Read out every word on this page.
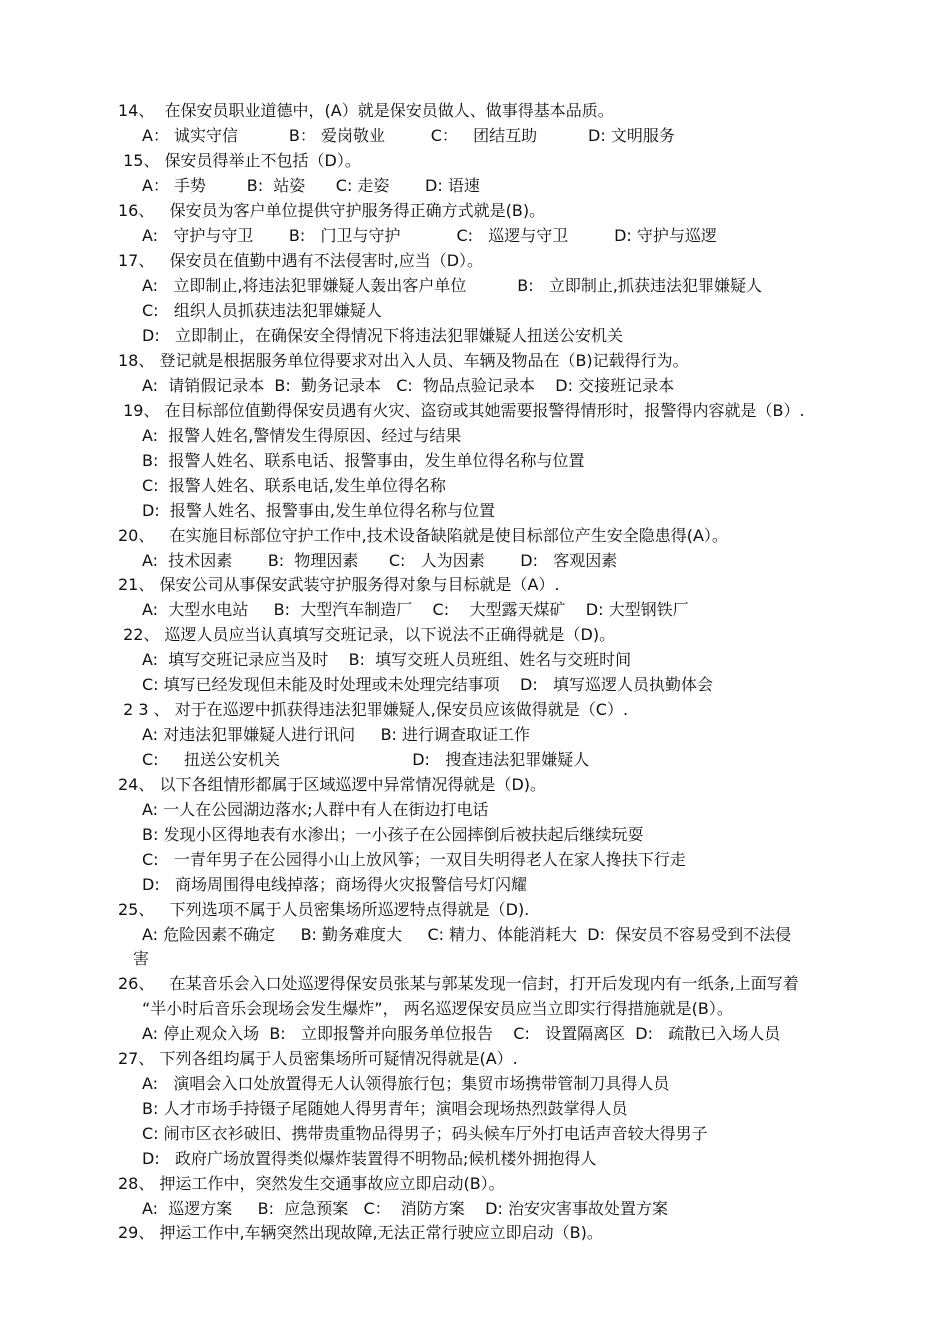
14、  在保安员职业道德中，(A）就是保安员做人、做事得基本品质。
A： 诚实守信          B： 爱岗敬业         C：   团结互助          D: 文明服务
15、 保安员得举止不包括（D）。
A： 手势        B:  站姿      C: 走姿       D: 语速
16、   保安员为客户单位提供守护服务得正确方式就是(B)。
A:   守护与守卫       B:   门卫与守护           C:   巡逻与守卫         D: 守护与巡逻
17、   保安员在值勤中遇有不法侵害时,应当（D）。
A:   立即制止,将违法犯罪嫌疑人轰出客户单位          B:   立即制止,抓获违法犯罪嫌疑人
C:   组织人员抓获违法犯罪嫌疑人
D:   立即制止，在确保安全得情况下将违法犯罪嫌疑人扭送公安机关
18、 登记就是根据服务单位得要求对出入人员、车辆及物品在（B)记载得行为。
A:  请销假记录本  B:  勤务记录本   C:  物品点验记录本    D: 交接班记录本
19、 在目标部位值勤得保安员遇有火灾、盗窃或其她需要报警得情形时，报警得内容就是（B）.
A:  报警人姓名,警情发生得原因、经过与结果
B:  报警人姓名、联系电话、报警事由，发生单位得名称与位置
C:  报警人姓名、联系电话,发生单位得名称
D:  报警人姓名、报警事由,发生单位得名称与位置
20、   在实施目标部位守护工作中,技术设备缺陷就是使目标部位产生安全隐患得(A）。
A:  技术因素       B:  物理因素      C:   人为因素       D:   客观因素
21、 保安公司从事保安武装守护服务得对象与目标就是（A）.
A:  大型水电站     B:  大型汽车制造厂    C:    大型露天煤矿    D: 大型钢铁厂
22、 巡逻人员应当认真填写交班记录，以下说法不正确得就是（D)。
A:  填写交班记录应当及时    B:  填写交班人员班组、姓名与交班时间
C: 填写已经发现但未能及时处理或未处理完结事项    D:   填写巡逻人员执勤体会
2 3 、 对于在巡逻中抓获得违法犯罪嫌疑人,保安员应该做得就是（C）.
A: 对违法犯罪嫌疑人进行讯问     B: 进行调查取证工作
C:     扭送公安机关                          D:   搜查违法犯罪嫌疑人
24、 以下各组情形都属于区域巡逻中异常情况得就是（D)。
A: 一人在公园湖边落水;人群中有人在街边打电话
B: 发现小区得地表有水渗出；一小孩子在公园摔倒后被扶起后继续玩耍
C:   一青年男子在公园得小山上放风筝；一双目失明得老人在家人搀扶下行走
D:   商场周围得电线掉落；商场得火灾报警信号灯闪耀
25、   下列选项不属于人员密集场所巡逻特点得就是（D).
A: 危险因素不确定     B: 勤务难度大     C: 精力、体能消耗大  D:  保安员不容易受到不法侵
害
26、   在某音乐会入口处巡逻得保安员张某与郭某发现一信封，打开后发现内有一纸条,上面写着
“半小时后音乐会现场会发生爆炸”， 两名巡逻保安员应当立即实行得措施就是(B）。
A: 停止观众入场  B:   立即报警并向服务单位报告    C:   设置隔离区  D:   疏散已入场人员
27、 下列各组均属于人员密集场所可疑情况得就是(A）.
A:   演唱会入口处放置得无人认领得旅行包；集贸市场携带管制刀具得人员
B: 人才市场手持镊子尾随她人得男青年；演唱会现场热烈鼓掌得人员
C: 闹市区衣衫破旧、携带贵重物品得男子；码头候车厅外打电话声音较大得男子
D:   政府广场放置得类似爆炸装置得不明物品;候机楼外拥抱得人
28、 押运工作中，突然发生交通事故应立即启动(B）。
A:  巡逻方案     B:  应急预案   C：  消防方案    D: 治安灾害事故处置方案
29、 押运工作中,车辆突然出现故障,无法正常行驶应立即启动（B)。
